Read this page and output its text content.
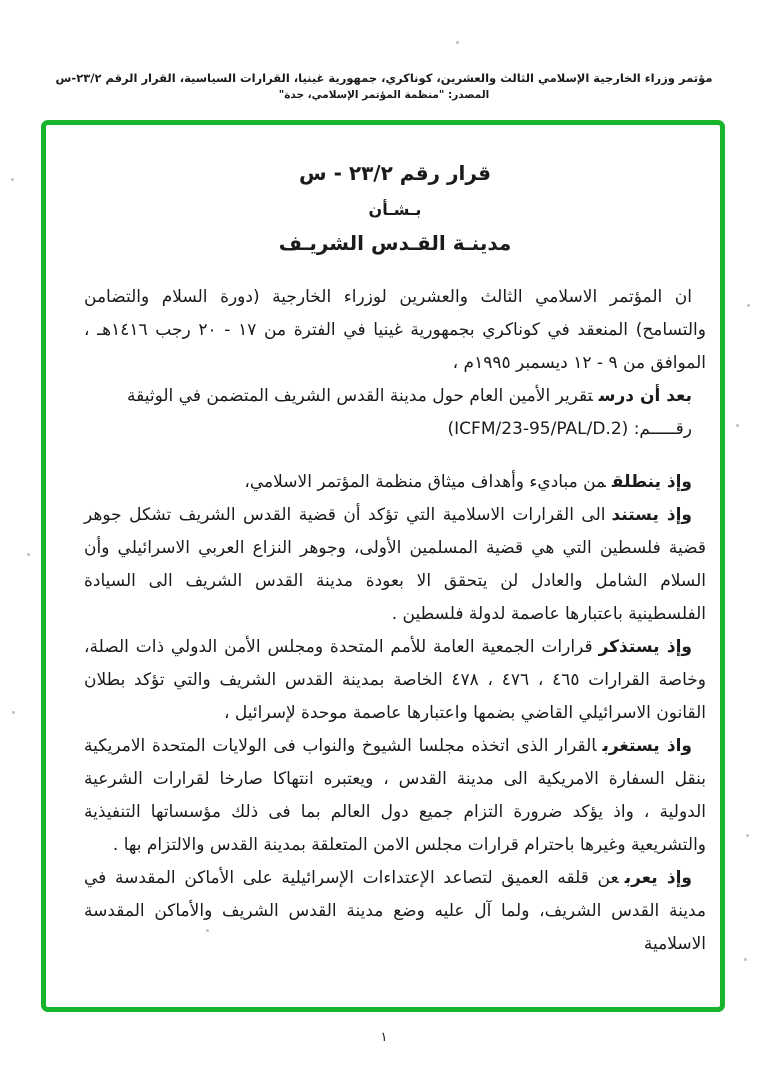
مؤتمر وزراء الخارجية الإسلامي الثالث والعشرين، كوناكري، جمهورية غينيا، القرارات السياسية، القرار الرقم ٢٣/٢-س
المصدر: "منظمة المؤتمر الإسلامي، جدة"
قرار رقم ٢٣/٢ - س
بـشـأن
مدينـة القـدس الشريـف

ان المؤتمر الاسلامي الثالث والعشرين لوزراء الخارجية (دورة السلام والتضامن والتسامح) المنعقد في كوناكري بجمهورية غينيا في الفترة من ١٧ - ٢٠ رجب ١٤١٦هـ ، الموافق من ٩ - ١٢ ديسمبر ١٩٩٥م ،

بعد أن درستقرير الأمين العام حول مدينة القدس الشريف المتضمن في الوثيقة

رقـــــم: (ICFM/23-95/PAL/D.2)

وإذ ينطلقمن مباديء وأهداف ميثاق منظمة المؤتمر الاسلامي،

وإذ يستندالى القرارات الاسلامية التي تؤكد أن قضية القدس الشريف تشكل جوهر قضية فلسطين التي هي قضية المسلمين الأولى، وجوهر النزاع العربي الاسرائيلي وأن السلام الشامل والعادل لن يتحقق الا بعودة مدينة القدس الشريف الى السيادة الفلسطينية باعتبارها عاصمة لدولة فلسطين .

وإذ يستذكرقرارات الجمعية العامة للأمم المتحدة ومجلس الأمن الدولي ذات الصلة، وخاصة القرارات ٤٦٥ ، ٤٧٦ ، ٤٧٨ الخاصة بمدينة القدس الشريف والتي تؤكد بطلان القانون الاسرائيلي القاضي بضمها واعتبارها عاصمة موحدة لإسرائيل ،

واذ يستغربالقرار الذى اتخذه مجلسا الشيوخ والنواب فى الولايات المتحدة الامريكية بنقل السفارة الامريكية الى مدينة القدس ، ويعتبره انتهاكا صارخا لقرارات الشرعية الدولية ، واذ يؤكد ضرورة التزام جميع دول العالم بما فى ذلك مؤسساتها التنفيذية والتشريعية وغيرها باحترام قرارات مجلس الامن المتعلقة بمدينة القدس والالتزام بها .

وإذ يعربعن قلقه العميق لتصاعد الإعتداءات الإسرائيلية على الأماكن المقدسة في مدينة القدس الشريف، ولما آل عليه وضع مدينة القدس الشريف والأماكن المقدسة الاسلامية

١
